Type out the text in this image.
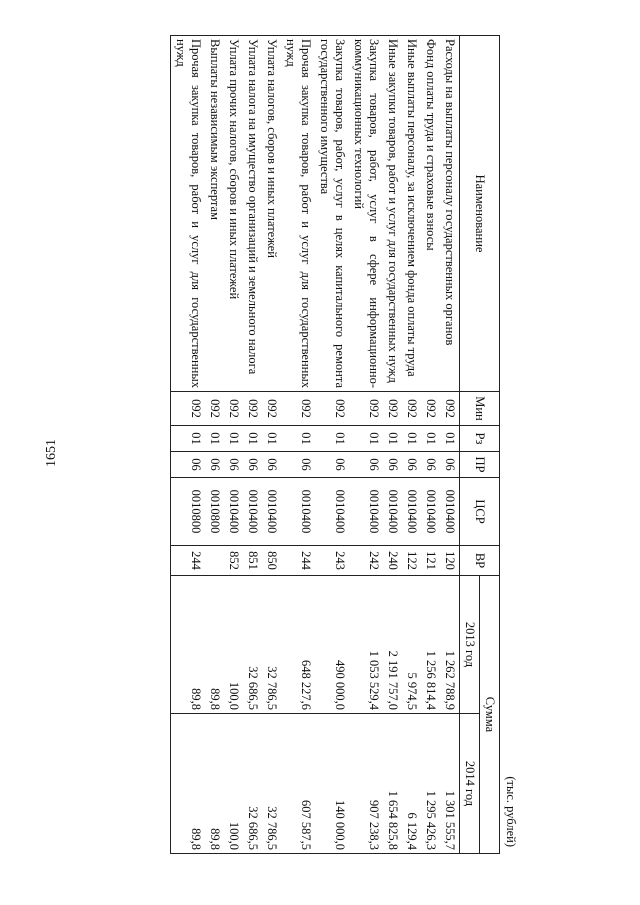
1651
(тыс. рублей)
Наименование	Мин	Рз	ПР	ЦСР	ВР	Сумма	
						2013 год	2014 год
Расходы на выплаты персоналу государственных органов	092	01	06	0010400	120	1 262 788,9	1 301 555,7
Фонд оплаты труда и страховые взносы	092	01	06	0010400	121	1 256 814,4	1 295 426,3
Иные выплаты персоналу, за исключением фонда оплаты труда	092	01	06	0010400	122	5 974,5	6 129,4
Иные закупки товаров, работ и услуг для государственных нужд	092	01	06	0010400	240	2 191 757,0	1 654 825,8
Закупка товаров, работ, услуг в сфере информационно-коммуникационных технологий	092	01	06	0010400	242	1 053 529,4	907 238,3
Закупка товаров, работ, услуг в целях капитального ремонта государственного имущества	092	01	06	0010400	243	490 000,0	140 000,0
Прочая закупка товаров, работ и услуг для государственных нужд	092	01	06	0010400	244	648 227,6	607 587,5
Уплата налогов, сборов и иных платежей	092	01	06	0010400	850	32 786,5	32 786,5
Уплата налога на имущество организаций и земельного налога	092	01	06	0010400	851	32 686,5	32 686,5
Уплата прочих налогов, сборов и иных платежей	092	01	06	0010400	852	100,0	100,0
Выплаты независимым экспертам	092	01	06	0010800		89,8	89,8
Прочая закупка товаров, работ и услуг для государственных нужд	092	01	06	0010800	244	89,8	89,8
